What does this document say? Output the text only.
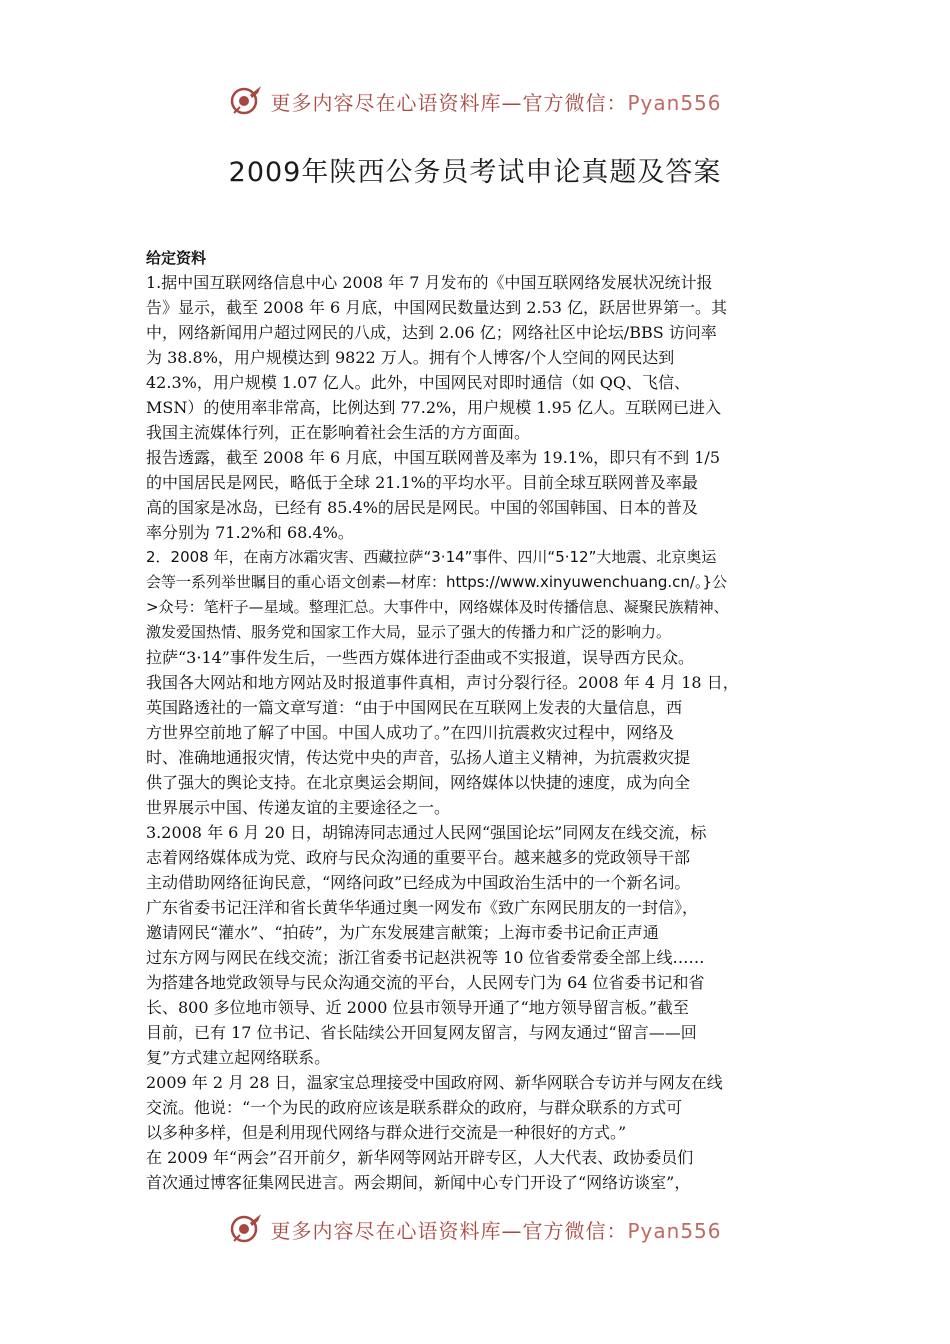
更多内容尽在心语资料库—官方微信：Pyan556
2009年陕西公务员考试申论真题及答案
给定资料
1.据中国互联网络信息中心 2008 年 7 月发布的《中国互联网络发展状况统计报
告》显示，截至 2008 年 6 月底，中国网民数量达到 2.53 亿，跃居世界第一。其
中，网络新闻用户超过网民的八成，达到 2.06 亿；网络社区中论坛/BBS 访问率
为 38.8%，用户规模达到 9822 万人。拥有个人博客/个人空间的网民达到
42.3%，用户规模 1.07 亿人。此外，中国网民对即时通信（如 QQ、飞信、
MSN）的使用率非常高，比例达到 77.2%，用户规模 1.95 亿人。互联网已进入
我国主流媒体行列，正在影响着社会生活的方方面面。
报告透露，截至 2008 年 6 月底，中国互联网普及率为 19.1%，即只有不到 1/5
的中国居民是网民，略低于全球 21.1%的平均水平。目前全球互联网普及率最
高的国家是冰岛，已经有 85.4%的居民是网民。中国的邻国韩国、日本的普及
率分别为 71.2%和 68.4%。
2．2008 年，在南方冰霜灾害、西藏拉萨“3·14”事件、四川“5·12”大地震、北京奥运
会等一系列举世瞩目的重心语文创素—材库：https://www.xinyuwenchuang.cn/。}公
>众号：笔杆子—星域。整理汇总。大事件中，网络媒体及时传播信息、凝聚民族精神、
激发爱国热情、服务党和国家工作大局，显示了强大的传播力和广泛的影响力。
拉萨“3·14”事件发生后，一些西方媒体进行歪曲或不实报道，误导西方民众。
我国各大网站和地方网站及时报道事件真相，声讨分裂行径。2008 年 4 月 18 日，
英国路透社的一篇文章写道：“由于中国网民在互联网上发表的大量信息，西
方世界空前地了解了中国。中国人成功了。”在四川抗震救灾过程中，网络及
时、准确地通报灾情，传达党中央的声音，弘扬人道主义精神，为抗震救灾提
供了强大的舆论支持。在北京奥运会期间，网络媒体以快捷的速度，成为向全
世界展示中国、传递友谊的主要途径之一。
3.2008 年 6 月 20 日，胡锦涛同志通过人民网“强国论坛”同网友在线交流，标
志着网络媒体成为党、政府与民众沟通的重要平台。越来越多的党政领导干部
主动借助网络征询民意，“网络问政”已经成为中国政治生活中的一个新名词。
广东省委书记汪洋和省长黄华华通过奥一网发布《致广东网民朋友的一封信》，
邀请网民“灌水”、“拍砖”，为广东发展建言献策；上海市委书记俞正声通
过东方网与网民在线交流；浙江省委书记赵洪祝等 10 位省委常委全部上线……
为搭建各地党政领导与民众沟通交流的平台，人民网专门为 64 位省委书记和省
长、800 多位地市领导、近 2000 位县市领导开通了“地方领导留言板。”截至
目前，已有 17 位书记、省长陆续公开回复网友留言，与网友通过“留言——回
复”方式建立起网络联系。
2009 年 2 月 28 日，温家宝总理接受中国政府网、新华网联合专访并与网友在线
交流。他说：“一个为民的政府应该是联系群众的政府，与群众联系的方式可
以多种多样，但是利用现代网络与群众进行交流是一种很好的方式。”
在 2009 年“两会”召开前夕，新华网等网站开辟专区，人大代表、政协委员们
首次通过博客征集网民进言。两会期间，新闻中心专门开设了“网络访谈室”，
更多内容尽在心语资料库—官方微信：Pyan556
